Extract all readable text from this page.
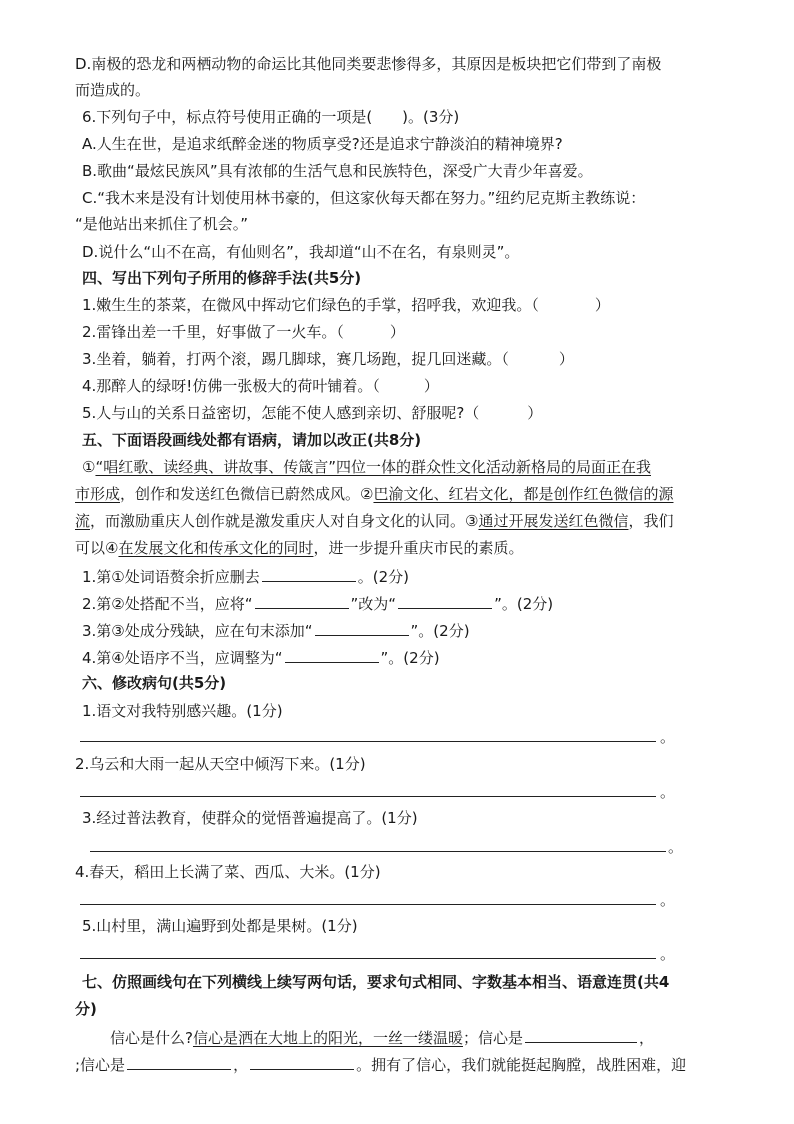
D.南极的恐龙和两栖动物的命运比其他同类要悲惨得多，其原因是板块把它们带到了南极
而造成的。
6.下列句子中，标点符号使用正确的一项是(　　)。(3分)
A.人生在世，是追求纸醉金迷的物质享受?还是追求宁静淡泊的精神境界?
B.歌曲“最炫民族风”具有浓郁的生活气息和民族特色，深受广大青少年喜爱。
C.“我木来是没有计划使用林书豪的，但这家伙每天都在努力。”纽约尼克斯主教练说：
“是他站出来抓住了机会。”
D.说什么“山不在高，有仙则名”，我却道“山不在名，有泉则灵”。
四、写出下列句子所用的修辞手法(共5分)
1.嫩生生的茶菜，在微风中挥动它们绿色的手掌，招呼我，欢迎我。（	）
2.雷锋出差一千里，好事做了一火车。（	）
3.坐着，躺着，打两个滚，踢几脚球，赛几场跑，捉几回迷藏。（	）
4.那醉人的绿呀!仿佛一张极大的荷叶铺着。（	）
5.人与山的关系日益密切，怎能不使人感到亲切、舒服呢?（	）
五、下面语段画线处都有语病，请加以改正(共8分)
①“唱红歌、读经典、讲故事、传箴言”四位一体的群众性文化活动新格局的局面正在我
市形成，创作和发送红色微信已蔚然成风。②巴渝文化、红岩文化，都是创作红色微信的源
流，而激励重庆人创作就是激发重庆人对自身文化的认同。③通过开展发送红色微信，我们
可以④在发展文化和传承文化的同时，进一步提升重庆市民的素质。
1.第①处词语赘余折应删去	。(2分)
2.第②处搭配不当，应将“	”改为“	”。(2分)
3.第③处成分残缺，应在句末添加“	”。(2分)
4.第④处语序不当，应调整为“	”。(2分)
六、修改病句(共5分)
1.语文对我特别感兴趣。(1分)
。
2.乌云和大雨一起从天空中倾泻下来。(1分)
。
3.经过普法教育，使群众的觉悟普遍提高了。(1分)
。
4.春天，稻田上长满了菜、西瓜、大米。(1分)
。
5.山村里，满山遍野到处都是果树。(1分)
。
七、仿照画线句在下列横线上续写两句话，要求句式相同、字数基本相当、语意连贯(共4
分)
信心是什么?信心是洒在大地上的阳光，一丝一缕温暖；信心是	，
;信心是	，	。拥有了信心，我们就能挺起胸膛，战胜困难，迎
